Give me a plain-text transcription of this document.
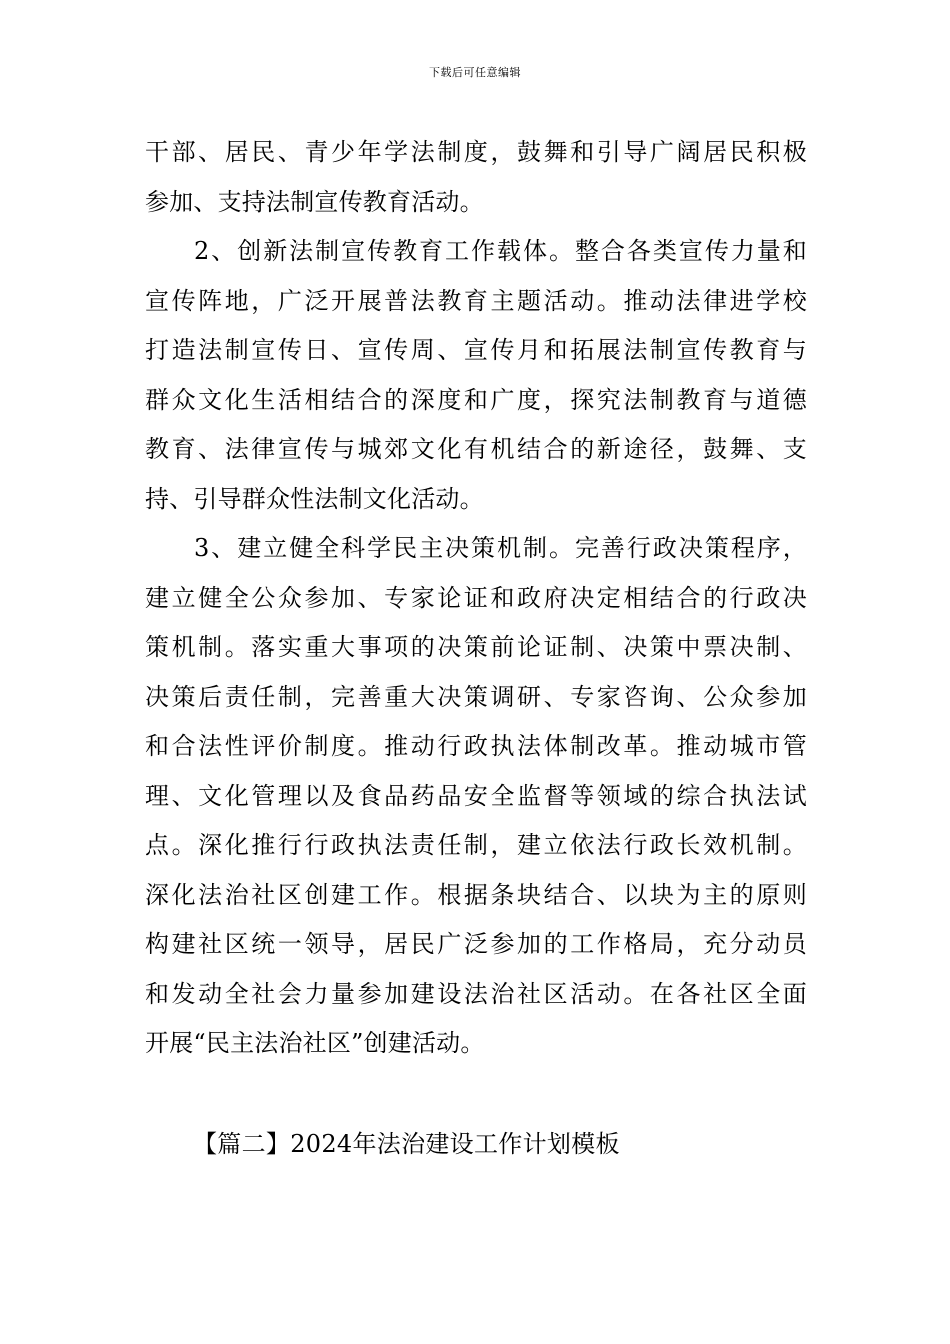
下载后可任意编辑
干部、居民、青少年学法制度，鼓舞和引导广阔居民积极
参加、支持法制宣传教育活动。
2、创新法制宣传教育工作载体。整合各类宣传力量和
宣传阵地，广泛开展普法教育主题活动。推动法律进学校
打造法制宣传日、宣传周、宣传月和拓展法制宣传教育与
群众文化生活相结合的深度和广度，探究法制教育与道德
教育、法律宣传与城郊文化有机结合的新途径，鼓舞、支
持、引导群众性法制文化活动。
3、建立健全科学民主决策机制。完善行政决策程序，
建立健全公众参加、专家论证和政府决定相结合的行政决
策机制。落实重大事项的决策前论证制、决策中票决制、
决策后责任制，完善重大决策调研、专家咨询、公众参加
和合法性评价制度。推动行政执法体制改革。推动城市管
理、文化管理以及食品药品安全监督等领域的综合执法试
点。深化推行行政执法责任制，建立依法行政长效机制。
深化法治社区创建工作。根据条块结合、以块为主的原则
构建社区统一领导，居民广泛参加的工作格局，充分动员
和发动全社会力量参加建设法治社区活动。在各社区全面
开展“民主法治社区”创建活动。
【篇二】2024年法治建设工作计划模板
